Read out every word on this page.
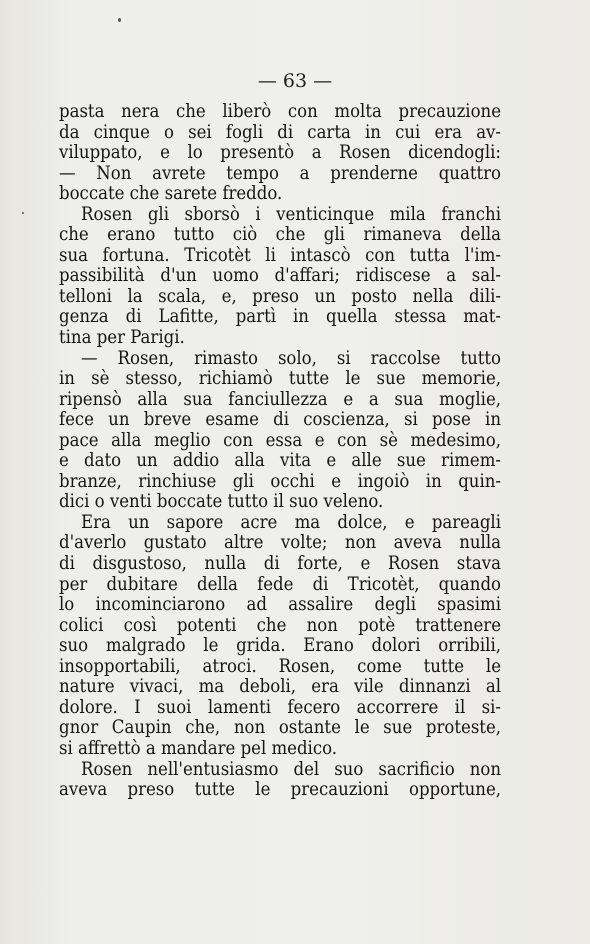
— 63 —
pasta nera che liberò con molta precauzione
da cinque o sei fogli di carta in cui era av-
viluppato, e lo presentò a Rosen dicendogli:
— Non avrete tempo a prenderne quattro
boccate che sarete freddo.
Rosen gli sborsò i venticinque mila franchi
che erano tutto ciò che gli rimaneva della
sua fortuna. Tricotèt li intascò con tutta l'im-
passibilità d'un uomo d'affari; ridiscese a sal-
telloni la scala, e, preso un posto nella dili-
genza di Lafitte, partì in quella stessa mat-
tina per Parigi.
— Rosen, rimasto solo, si raccolse tutto
in sè stesso, richiamò tutte le sue memorie,
ripensò alla sua fanciullezza e a sua moglie,
fece un breve esame di coscienza, si pose in
pace alla meglio con essa e con sè medesimo,
e dato un addio alla vita e alle sue rimem-
branze, rinchiuse gli occhi e ingoiò in quin-
dici o venti boccate tutto il suo veleno.
Era un sapore acre ma dolce, e pareagli
d'averlo gustato altre volte; non aveva nulla
di disgustoso, nulla di forte, e Rosen stava
per dubitare della fede di Tricotèt, quando
lo incominciarono ad assalire degli spasimi
colici così potenti che non potè trattenere
suo malgrado le grida. Erano dolori orribili,
insopportabili, atroci. Rosen, come tutte le
nature vivaci, ma deboli, era vile dinnanzi al
dolore. I suoi lamenti fecero accorrere il si-
gnor Caupin che, non ostante le sue proteste,
si affrettò a mandare pel medico.
Rosen nell'entusiasmo del suo sacrificio non
aveva preso tutte le precauzioni opportune,
